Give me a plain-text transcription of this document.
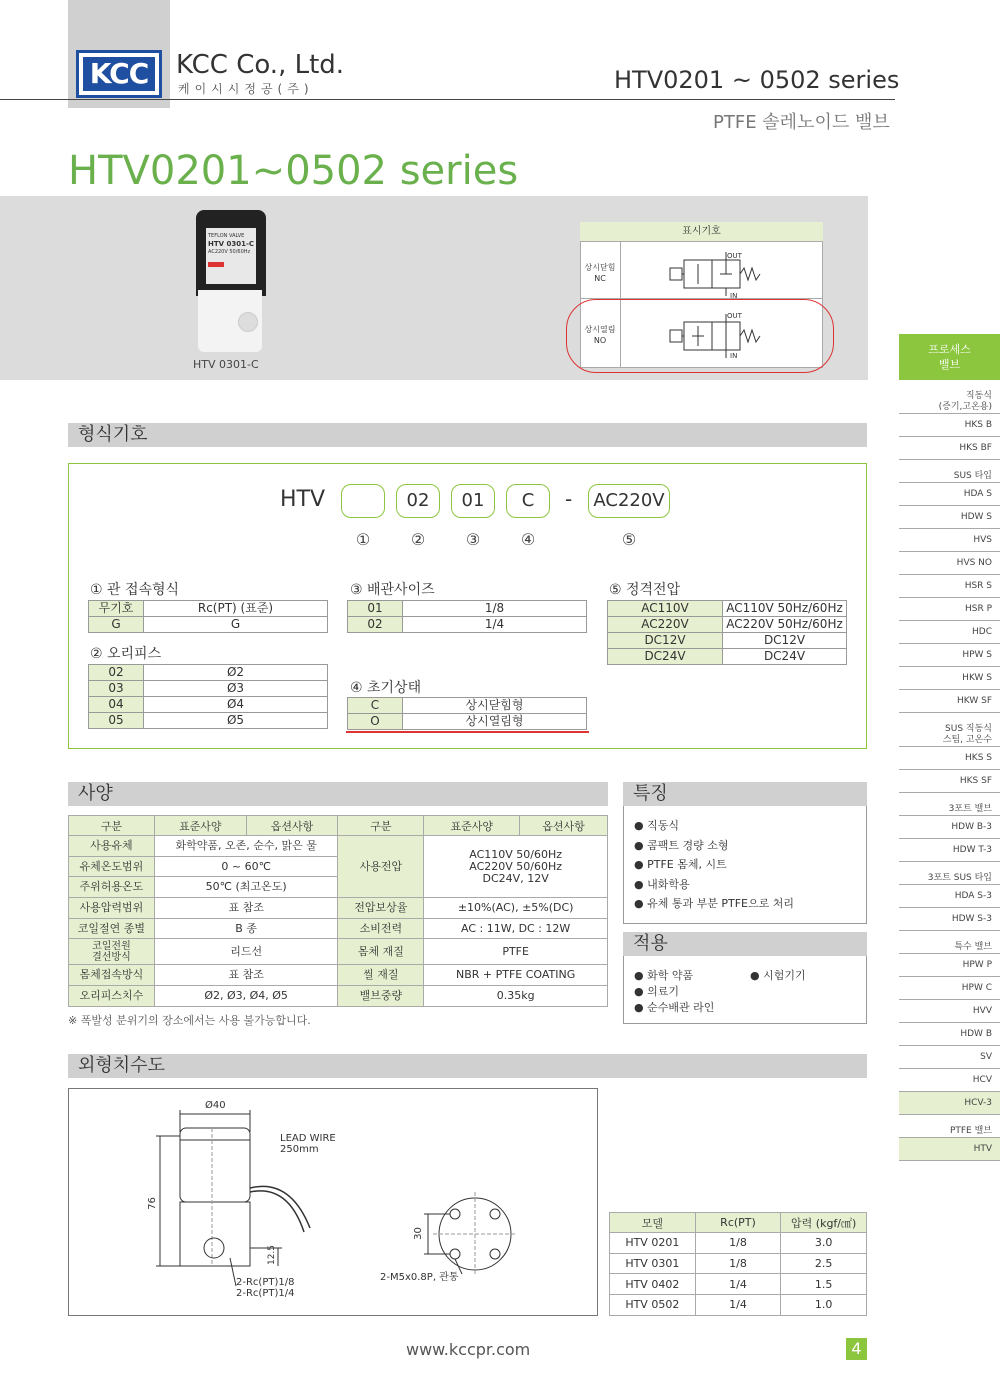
KCC KCC Co., Ltd.
케이시시정공(주)	HTV0201 ~ 0502 series
PTFE 솔레노이드 밸브
HTV0201~0502 series
TEFLON VALVE
HTV 0301-C
AC220V 50/60Hz
HTV 0301-C
표시기호
상시닫힘
NC
상시열림
NO
OUT
IN
OUT
IN	프로세스
밸브
직동식
(증기,고온용)
HKS B
HKS BF
SUS 타입
HDA S
HDW S
HVS
HVS NO
HSR S
HSR P
HDC
HPW S
HKW S
HKW SF
SUS 직동식
스팀, 고온수
HKS S
HKS SF
3포트 밸브
HDW B-3
HDW T-3
3포트 SUS 타입
HDA S-3
HDW S-3
특수 밸브
HPW P
HPW C
HVV
HDW B
SV
HCV
HCV-3
PTFE 밸브
HTV
형식기호
HTV	02	01	C	- AC220V
①	②	③	④	⑤
① 관 접속형식
무기호	Rc(PT) (표준)
G	G
② 오리피스
02	Ø2
03	Ø3
04	Ø4
05	Ø5
③ 배관사이즈
01	1/8
02	1/4
④ 초기상태
C	상시닫힘형
O	상시열림형
⑤ 정격전압
AC110V	AC110V 50Hz/60Hz
AC220V	AC220V 50Hz/60Hz
DC12V	DC12V
DC24V	DC24V
사양
구분	표준사양	옵션사항	구분	표준사양	옵션사항
사용유체	화학약품, 오존, 순수, 맑은 물		사용전압	AC110V 50/60Hz
AC220V 50/60Hz
DC24V, 12V	
유체온도범위	0 ~ 60℃				
주위허용온도	50℃ (최고온도)				
사용압력범위	표 참조		전압보상율	±10%(AC), ±5%(DC)	
코일절연 종별	B 종		소비전력	AC : 11W, DC : 12W	
코일전원
결선방식	리드선		몸체 재질	PTFE	
몸체접속방식	표 참조		씰 재질	NBR + PTFE COATING	
오리피스치수	Ø2, Ø3, Ø4, Ø5		밸브중량	0.35kg	
※ 폭발성 분위기의 장소에서는 사용 불가능합니다.
특징
● 직동식
● 콤팩트 경량 소형
● PTFE 몸체, 시트
● 내화학용
● 유체 통과 부분 PTFE으로 처리
적용
● 화학 약품	● 시험기기
● 의료기
● 순수배관 라인
외형치수도
Ø40
LEAD WIRE
250mm
76
12.5
2-Rc(PT)1/8
2-Rc(PT)1/4
30
2-M5x0.8P, 관통
모델	Rc(PT)	압력 (kgf/㎠)
HTV 0201	1/8	3.0
HTV 0301	1/8	2.5
HTV 0402	1/4	1.5
HTV 0502	1/4	1.0
www.kccpr.com	4
